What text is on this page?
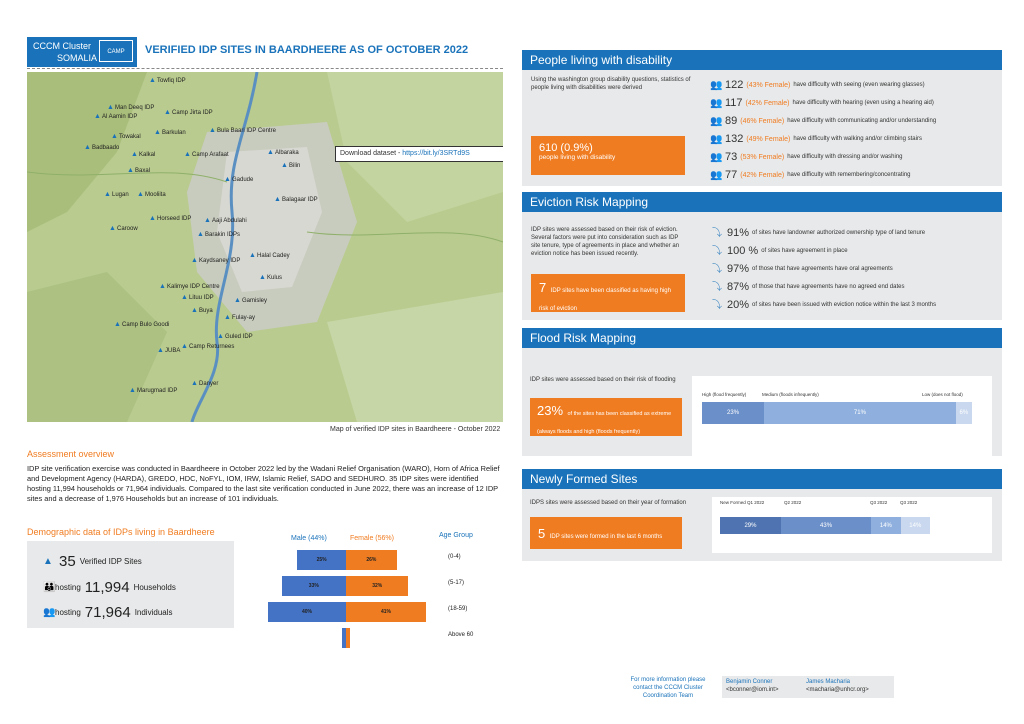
CCCM Cluster
SOMALIA
CAMP	VERIFIED IDP SITES IN BAARDHEERE AS OF OCTOBER 2022
Download dataset - https://bit.ly/3SRTd9S
▲ Towfiq IDP
▲ Man Deeq IDP
▲ Al Aamin IDP
▲ Camp Jirta IDP
▲ Towakal
▲ Barkulan	▲ Bula Baari IDP Centre
▲ Badbaado
▲ Kalkal	▲ Camp Arafaat	▲ Albaraka
▲ Bilin
▲ Baxal
▲ Gadude
▲ Lugan ▲ Mooliita
▲ Balagaar IDP
▲ Horseed IDP ▲ Aaji Abdulahi
▲ Caroow
▲ Barakin IDPs
▲ Kaydsaney IDP
▲ Halal Cadey
▲ Kulus
▲ Kalimye IDP Centre
▲ Lituu IDP	▲ Gamisley
▲ Buya
▲ Fulay-ay
▲ Camp Bulo Goodi
▲ Guled IDP
▲ Camp Returnees
▲ JUBA
▲ Danyer
▲ Marugmad IDP
Map of verified IDP sites in Baardheere - October 2022
Assessment overview
IDP site verification exercise was conducted in Baardheere in October 2022 led by the Wadani Relief Organisation (WARO), Horn of Africa Relief and Development Agency (HARDA), GREDO, HDC, NoFYL, IOM, IRW, Islamic Relief, SADO and SEDHURO. 35 IDP sites were identified hosting 11,994 households or 71,964 individuals. Compared to the last site verification conducted in June 2022, there was an increase of 12 IDP sites and a decrease of 1,976 Households but an increase of 101 individuals.
Demographic data of IDPs living in Baardheere
▲ 35 Verified IDP Sites
👪 hosting 11,994 Households
👥 hosting 71,964 Individuals
Male (44%)	Female (56%)	Age Group
25%	26%	(0-4)
33%	32%	(5-17)
40%	41%	(18-59)
Above 60
People living with disability
Using the washington group disability questions, statistics of people living with disabilities were derived
610 (0.9%)
people living with disability
👥 122 (43% Female) have difficulty with seeing (even wearing glasses)
👥 117 (42% Female) have difficulty with hearing (even using a hearing aid)
👥 89 (46% Female) have difficulty with communicating and/or understanding
👥 132 (49% Female) have difficulty with walking and/or climbing stairs
👥 73 (53% Female) have difficulty with dressing and/or washing
👥 77 (42% Female) have difficulty with remembering/concentrating
Eviction Risk Mapping
IDP sites were assessed based on their risk of eviction. Several factors were put into consideration such as IDP site tenure, type of agreements in place and whether an eviction notice has been issued recently.
7 IDP sites have been classified as having high risk of eviction
⤵ 91% of sites have landowner authorized ownership type of land tenure
⤵ 100 % of sites have agreement in place
⤵ 97% of those that have agreements have oral agreements
⤵ 87% of those that have agreements have no agreed end dates
⤵ 20% of sites have been issued with eviction notice within the last 3 months
Flood Risk Mapping
IDP sites were assessed based on their risk of flooding
23% of the sites has been classified as extreme (always floods and high (floods frequently)
High (flood frequently)	Medium (floods infrequently)	Low (does not flood)
23%	71%	6%
Newly Formed Sites
IDPS sites were assessed based on their year of formation
5 IDP sites were formed in the last 6 months
New Formed Q1 2022	Q2 2022	Q3 2022	Q3 2022
29%	43%	14%	14%
For more information please contact the CCCM Cluster Coordination Team
Benjamin Conner
<bconner@iom.int>
James Macharia
<macharia@unhcr.org>
